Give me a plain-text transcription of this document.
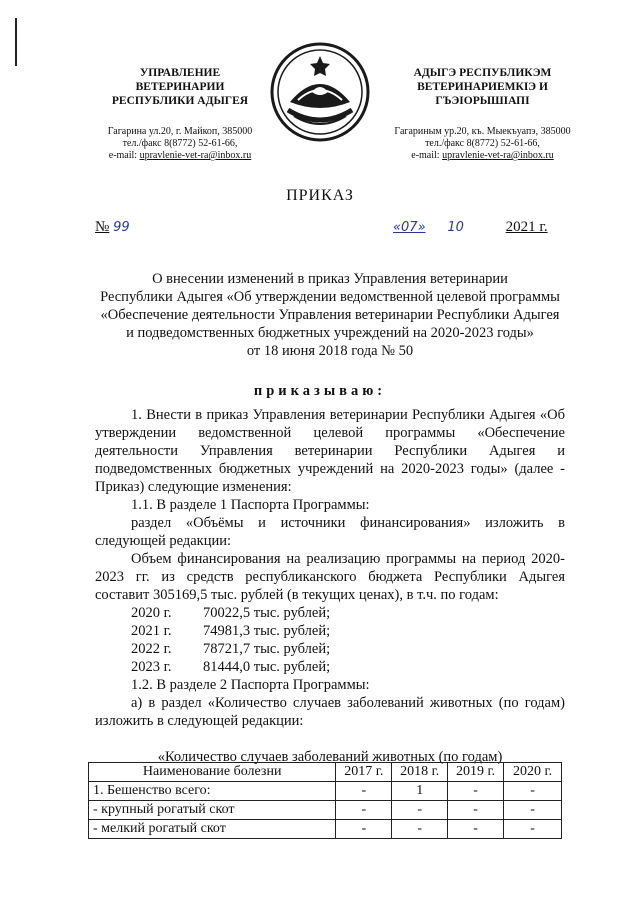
УПРАВЛЕНИЕ
ВЕТЕРИНАРИИ
РЕСПУБЛИКИ АДЫГЕЯ
Гагарина ул.20, г. Майкоп, 385000
тел./факс 8(8772) 52-61-66,
e-mail: upravlenie-vet-ra@inbox.ru
АДЫГЭ РЕСПУБЛИКЭМ
ВЕТЕРИНАРИЕМКIЭ И
ГЪЭIОРЫШIАПI
Гагариным ур.20, къ. Мыекъуапэ, 385000
тел./факс 8(8772) 52-61-66,
e-mail: upravlenie-vet-ra@inbox.ru
ПРИКАЗ
№ 99	«07» 10	2021 г.
О внесении изменений в приказ Управления ветеринарии
Республики Адыгея «Об утверждении ведомственной целевой программы
«Обеспечение деятельности Управления ветеринарии Республики Адыгея
и подведомственных бюджетных учреждений на 2020-2023 годы»
от 18 июня 2018 года № 50
приказываю:

1. Внести в приказ Управления ветеринарии Республики Адыгея «Об утверждении ведомственной целевой программы «Обеспечение деятельности Управления ветеринарии Республики Адыгея и подведомственных бюджетных учреждений на 2020-2023 годы» (далее - Приказ) следующие изменения:

1.1. В разделе 1 Паспорта Программы:

раздел «Объёмы и источники финансирования» изложить в следующей редакции:

Объем финансирования на реализацию программы на период 2020-2023 гг. из средств республиканского бюджета Республики Адыгея составит 305169,5 тыс. рублей (в текущих ценах), в т.ч. по годам:

2020 г.	70022,5 тыс. рублей;
2021 г.	74981,3 тыс. рублей;
2022 г.	78721,7 тыс. рублей;
2023 г.	81444,0 тыс. рублей;

1.2. В разделе 2 Паспорта Программы:

а) в раздел «Количество случаев заболеваний животных (по годам) изложить в следующей редакции:

«Количество случаев заболеваний животных (по годам)

Наименование болезни	2017 г.	2018 г.	2019 г.	2020 г.
1. Бешенство всего:	-	1	-	-
- крупный рогатый скот	-	-	-	-
- мелкий рогатый скот	-	-	-	-
